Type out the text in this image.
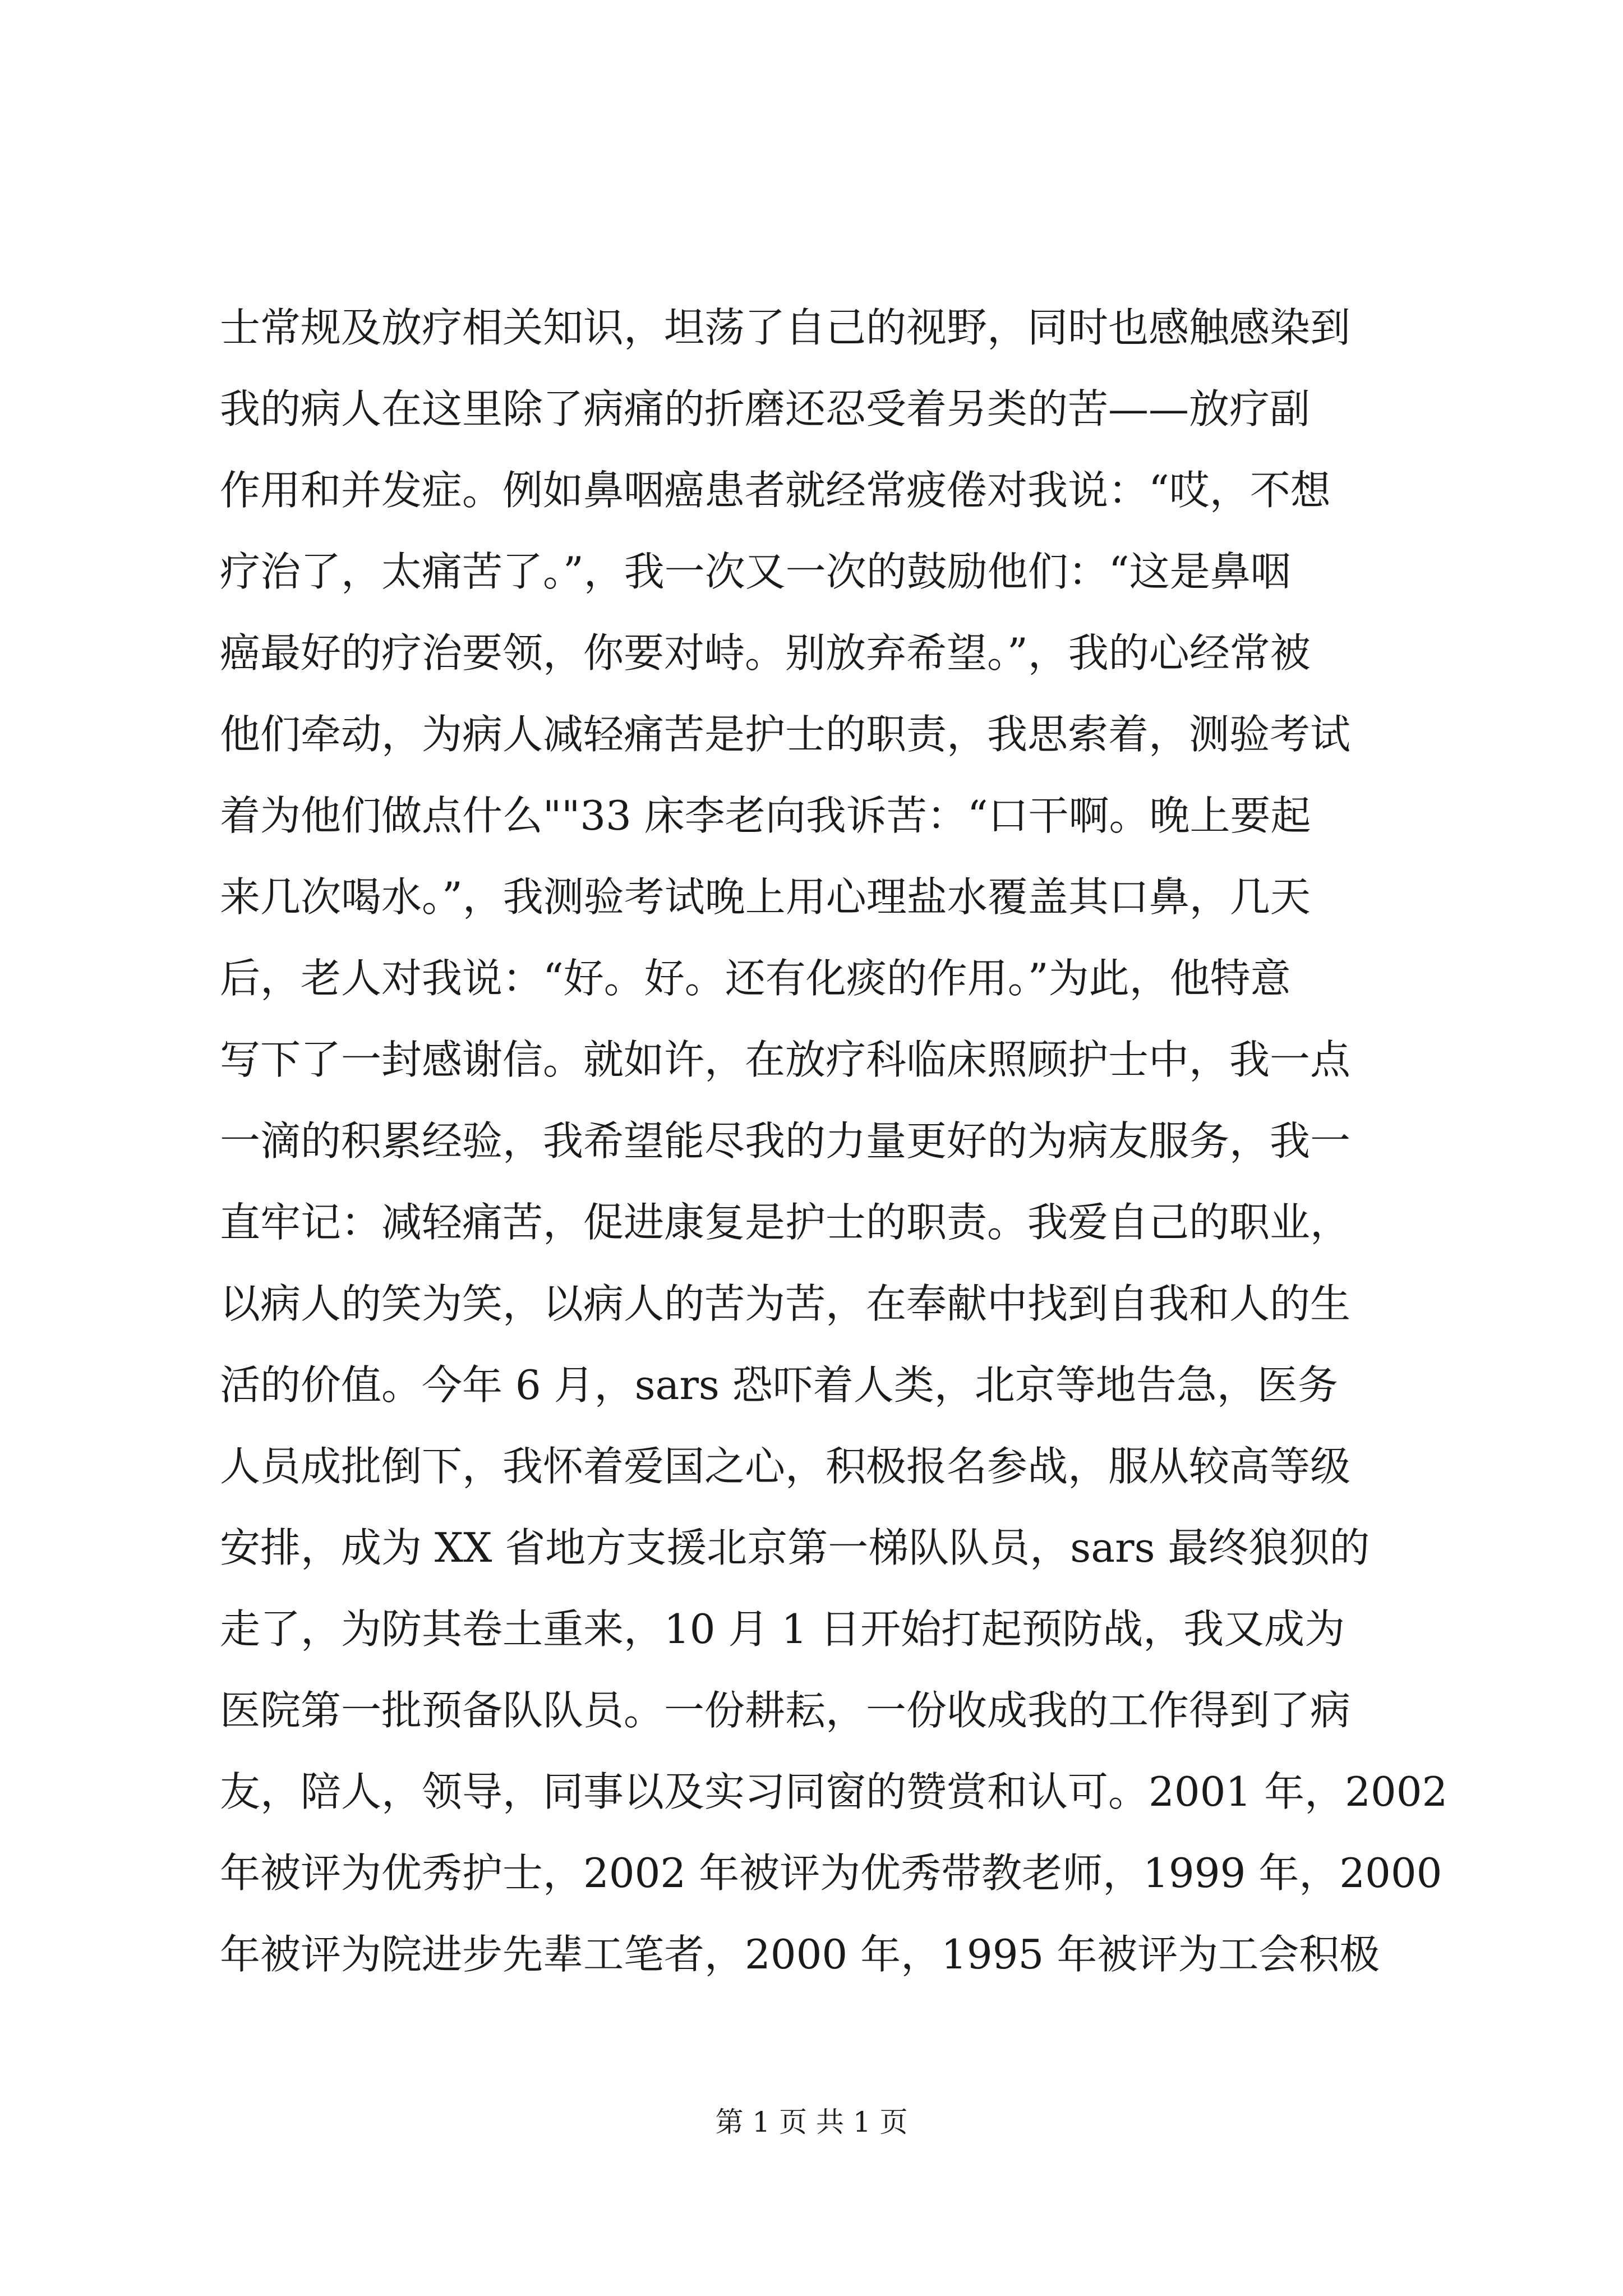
士常规及放疗相关知识，坦荡了自己的视野，同时也感触感染到
我的病人在这里除了病痛的折磨还忍受着另类的苦——放疗副
作用和并发症。例如鼻咽癌患者就经常疲倦对我说：“哎，不想
疗治了，太痛苦了。”，我一次又一次的鼓励他们：“这是鼻咽
癌最好的疗治要领，你要对峙。别放弃希望。”，我的心经常被
他们牵动，为病人减轻痛苦是护士的职责，我思索着，测验考试
着为他们做点什么""33 床李老向我诉苦：“口干啊。晚上要起
来几次喝水。”，我测验考试晚上用心理盐水覆盖其口鼻，几天
后，老人对我说：“好。好。还有化痰的作用。”为此，他特意
写下了一封感谢信。就如许，在放疗科临床照顾护士中，我一点
一滴的积累经验，我希望能尽我的力量更好的为病友服务，我一
直牢记：减轻痛苦，促进康复是护士的职责。我爱自己的职业，
以病人的笑为笑，以病人的苦为苦，在奉献中找到自我和人的生
活的价值。今年 6 月，sars 恐吓着人类，北京等地告急，医务
人员成批倒下，我怀着爱国之心，积极报名参战，服从较高等级
安排，成为 XX 省地方支援北京第一梯队队员，sars 最终狼狈的
走了，为防其卷土重来，10 月 1 日开始打起预防战，我又成为
医院第一批预备队队员。一份耕耘，一份收成我的工作得到了病
友，陪人，领导，同事以及实习同窗的赞赏和认可。2001 年，2002
年被评为优秀护士，2002 年被评为优秀带教老师，1999 年，2000
年被评为院进步先辈工笔者，2000 年，1995 年被评为工会积极
第 1 页 共 1 页
